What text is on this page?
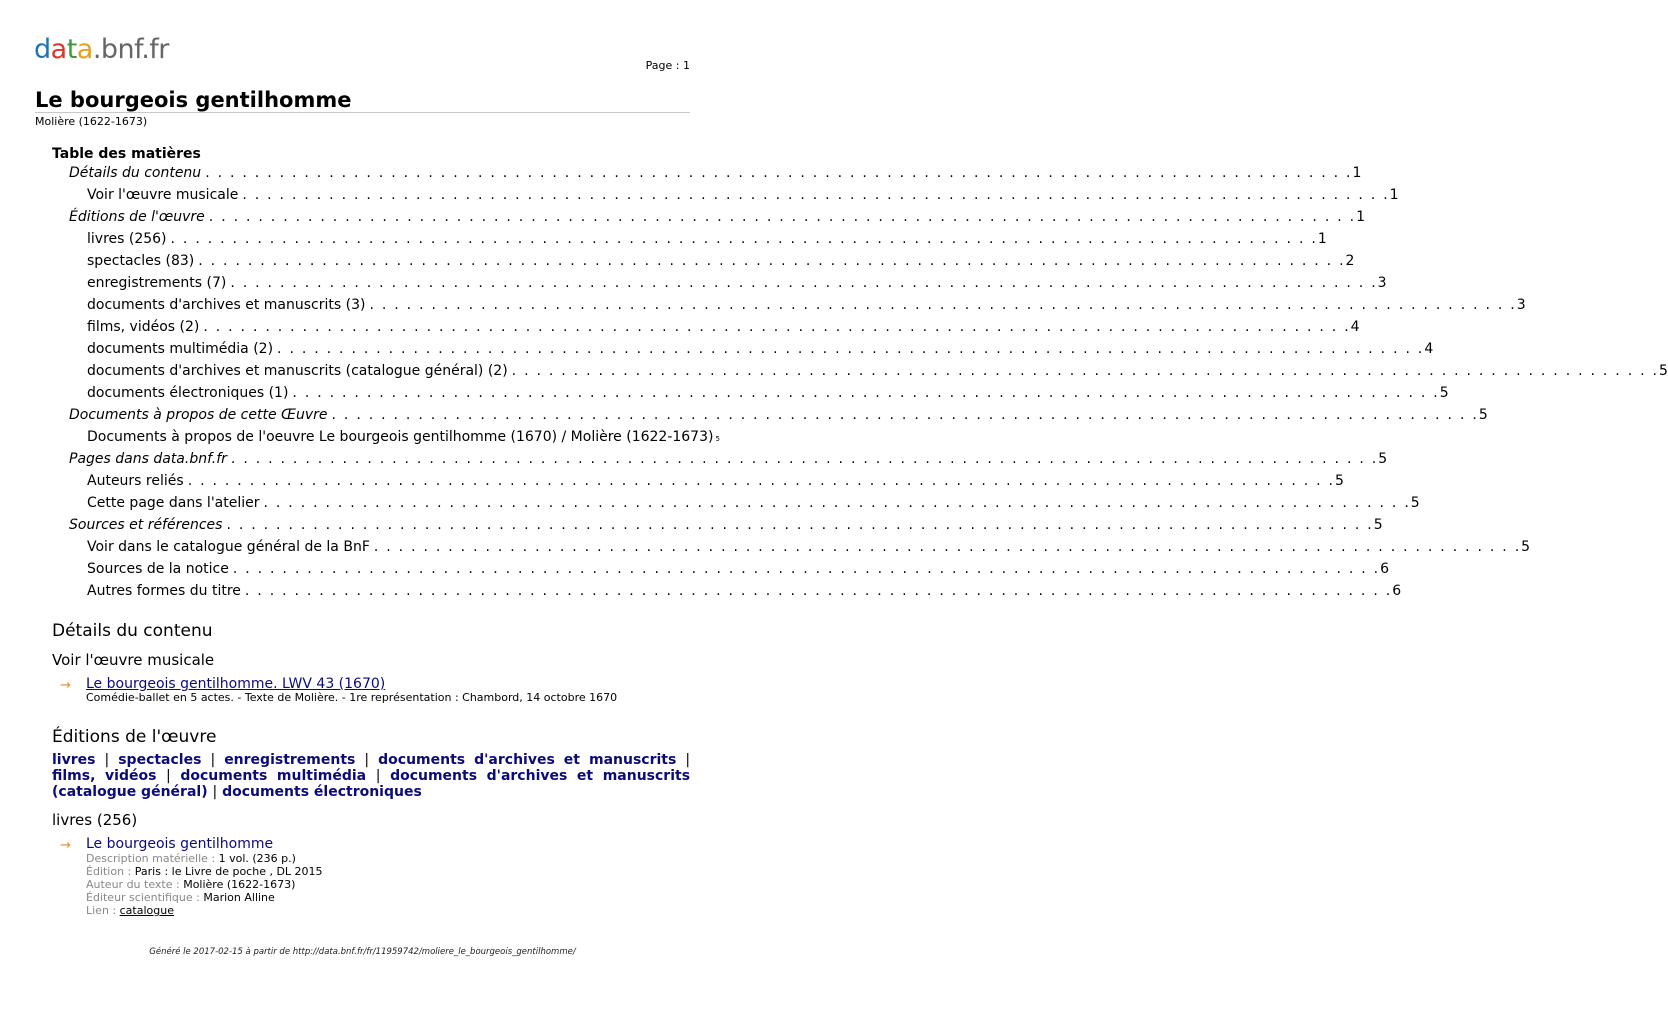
data.bnf.fr
Page : 1
Le bourgeois gentilhomme
Molière (1622-1673)
Table des matières
Détails du contenu . . .	1
Voir l'œuvre musicale . . .	1
Éditions de l'œuvre . . .	1
livres (256) . . .	1
spectacles (83) . . .	2
enregistrements (7) . . .	3
documents d'archives et manuscrits (3) . . .	3
films, vidéos (2) . . .	4
documents multimédia (2) . . .	4
documents d'archives et manuscrits (catalogue général) (2) . . .	5
documents électroniques (1) . . .	5
Documents à propos de cette Œuvre . . .	5
Documents à propos de l'oeuvre Le bourgeois gentilhomme (1670) / Molière (1622-1673) 5
Pages dans data.bnf.fr . . .	5
Auteurs reliés . . .	5
Cette page dans l'atelier . . .	5
Sources et références . . .	5
Voir dans le catalogue général de la BnF . . .	5
Sources de la notice . . .	6
Autres formes du titre . . .	6
Détails du contenu
Voir l'œuvre musicale
→ Le bourgeois gentilhomme. LWV 43 (1670)
Comédie-ballet en 5 actes. - Texte de Molière. - 1re représentation : Chambord, 14 octobre 1670
Éditions de l'œuvre
livres | spectacles | enregistrements | documents d'archives et manuscrits | films, vidéos | documents multimédia | documents d'archives et manuscrits (catalogue général) | documents électroniques
livres (256)
→ Le bourgeois gentilhomme
Description matérielle : 1 vol. (236 p.)
Édition : Paris : le Livre de poche , DL 2015
Auteur du texte : Molière (1622-1673)
Éditeur scientifique : Marion Alline
Lien : catalogue
Généré le 2017-02-15 à partir de http://data.bnf.fr/fr/11959742/moliere_le_bourgeois_gentilhomme/
